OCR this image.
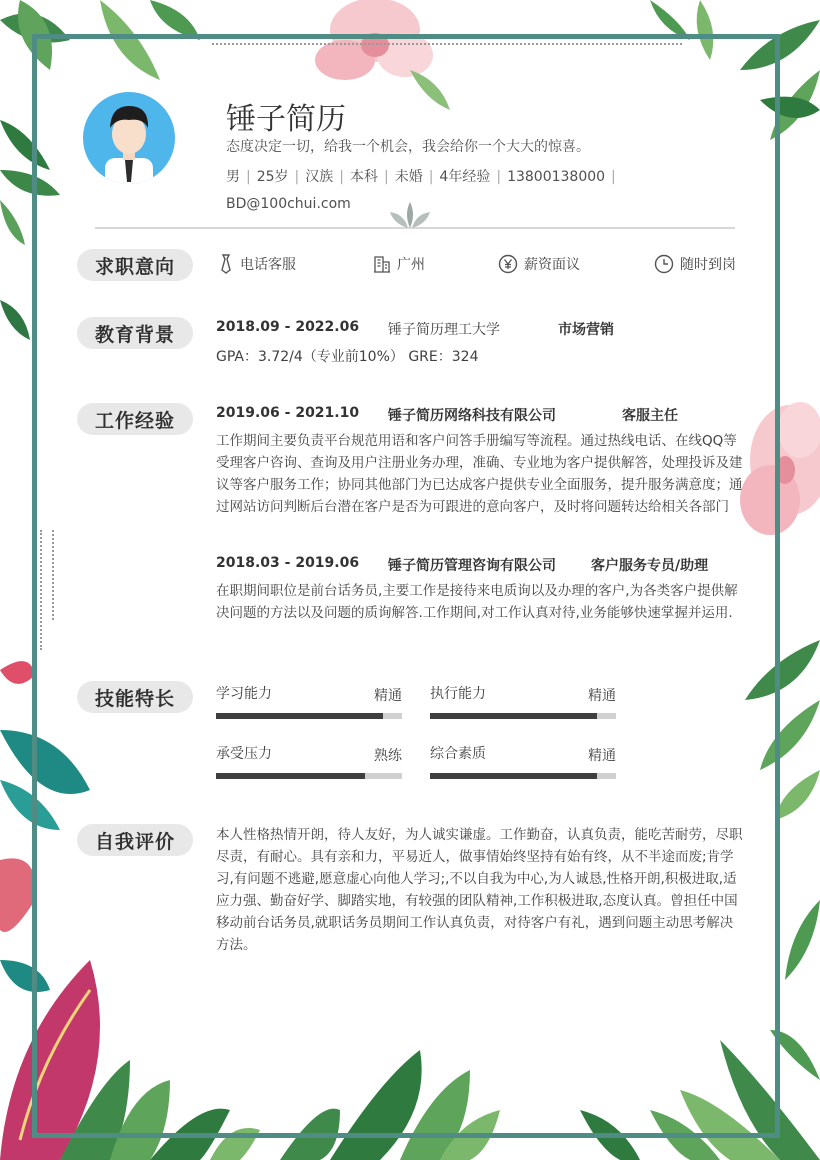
锤子简历
态度决定一切，给我一个机会，我会给你一个大大的惊喜。
男 | 25岁 | 汉族 | 本科 | 未婚 | 4年经验 | 13800138000 |
BD@100chui.com
求职意向	电话客服	广州	薪资面议	随时到岗
教育背景	2018.09 - 2022.06 锤子简历理工大学	市场营销
GPA：3.72/4（专业前10%） GRE：324
工作经验	2019.06 - 2021.10 锤子简历网络科技有限公司	客服主任
工作期间主要负责平台规范用语和客户问答手册编写等流程。通过热线电话、在线QQ等受理客户咨询、查询及用户注册业务办理，准确、专业地为客户提供解答，处理投诉及建议等客户服务工作；协同其他部门为已达成客户提供专业全面服务，提升服务满意度；通过网站访问判断后台潜在客户是否为可跟进的意向客户，及时将问题转达给相关各部门
2018.03 - 2019.06 锤子简历管理咨询有限公司	客户服务专员/助理
在职期间职位是前台话务员,主要工作是接待来电质询以及办理的客户,为各类客户提供解决问题的方法以及问题的质询解答.工作期间,对工作认真对待,业务能够快速掌握并运用.
技能特长	学习能力	精通 执行能力	精通
承受压力	熟练 综合素质	精通
自我评价	本人性格热情开朗，待人友好，为人诚实谦虚。工作勤奋，认真负责，能吃苦耐劳，尽职尽责，有耐心。具有亲和力，平易近人，做事情始终坚持有始有终，从不半途而废;肯学习,有问题不逃避,愿意虚心向他人学习;,不以自我为中心,为人诚恳,性格开朗,积极进取,适应力强、勤奋好学、脚踏实地，有较强的团队精神,工作积极进取,态度认真。曾担任中国移动前台话务员,就职话务员期间工作认真负责，对待客户有礼，遇到问题主动思考解决方法。
